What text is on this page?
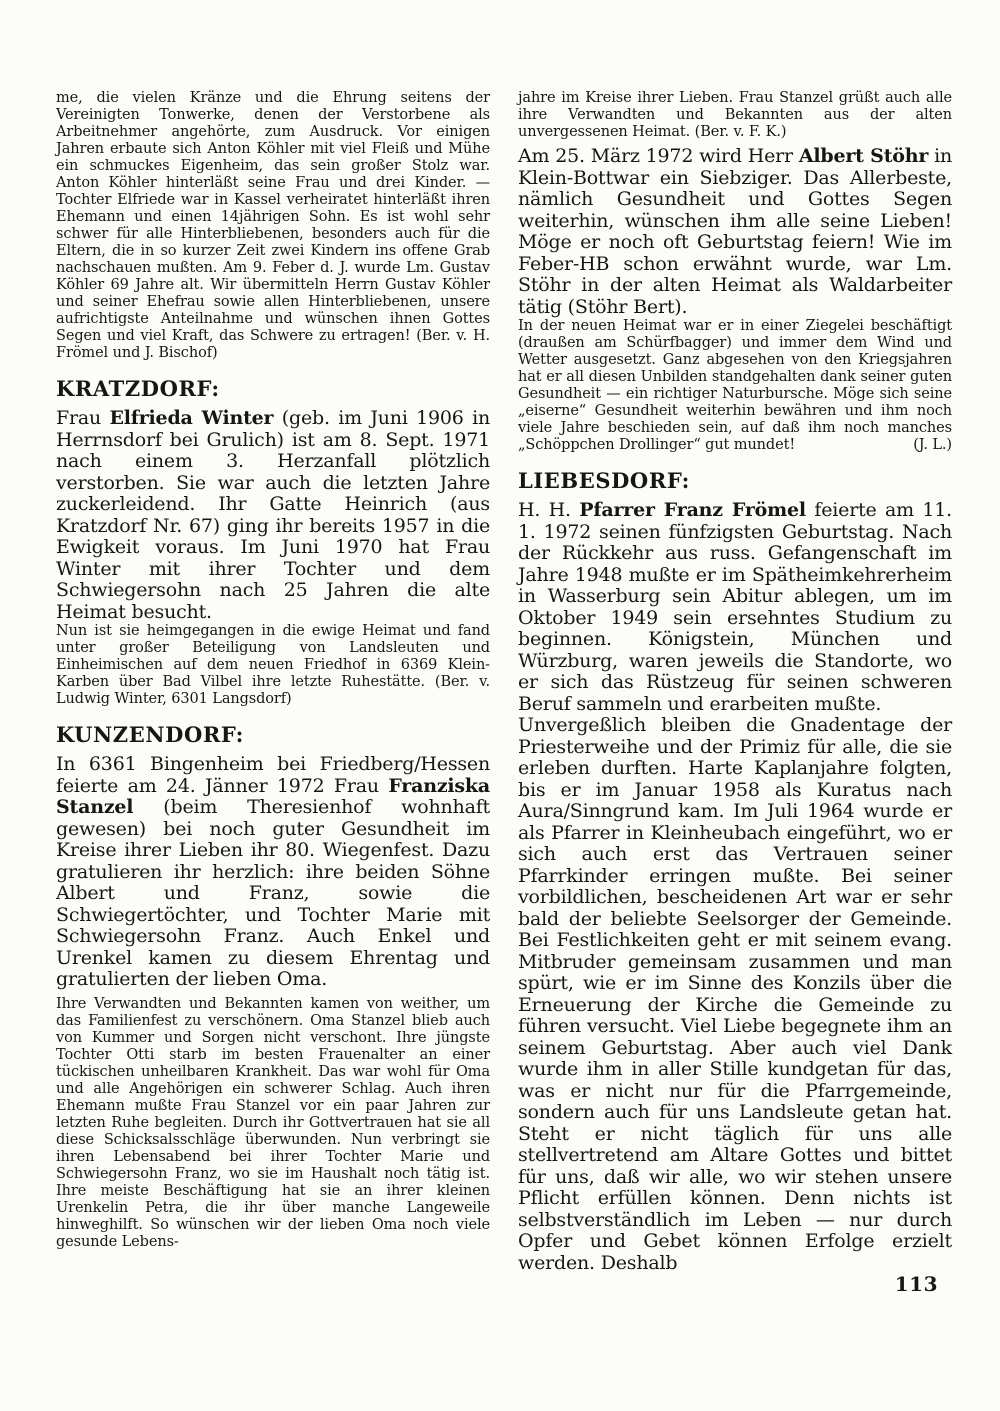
me, die vielen Kränze und die Ehrung seitens der Vereinigten Tonwerke, denen der Verstorbene als Arbeitnehmer angehörte, zum Ausdruck. Vor einigen Jahren erbaute sich Anton Köhler mit viel Fleiß und Mühe ein schmuckes Eigenheim, das sein großer Stolz war. Anton Köhler hinterläßt seine Frau und drei Kinder. — Tochter Elfriede war in Kassel verheiratet hinterläßt ihren Ehemann und einen 14jährigen Sohn. Es ist wohl sehr schwer für alle Hinterbliebenen, besonders auch für die Eltern, die in so kurzer Zeit zwei Kindern ins offene Grab nachschauen mußten. Am 9. Feber d. J. wurde Lm. Gustav Köhler 69 Jahre alt. Wir übermitteln Herrn Gustav Köhler und seiner Ehefrau sowie allen Hinterbliebenen, unsere aufrichtigste Anteilnahme und wünschen ihnen Gottes Segen und viel Kraft, das Schwere zu ertragen! (Ber. v. H. Frömel und J. Bischof)

KRATZDORF:

Frau Elfrieda Winter (geb. im Juni 1906 in Herrnsdorf bei Grulich) ist am 8. Sept. 1971 nach einem 3. Herzanfall plötzlich verstorben. Sie war auch die letzten Jahre zuckerleidend. Ihr Gatte Heinrich (aus Kratzdorf Nr. 67) ging ihr bereits 1957 in die Ewigkeit voraus. Im Juni 1970 hat Frau Winter mit ihrer Tochter und dem Schwiegersohn nach 25 Jahren die alte Heimat besucht.

Nun ist sie heimgegangen in die ewige Heimat und fand unter großer Beteiligung von Landsleuten und Einheimischen auf dem neuen Friedhof in 6369 Klein-Karben über Bad Vilbel ihre letzte Ruhestätte. (Ber. v. Ludwig Winter, 6301 Langsdorf)

KUNZENDORF:

In 6361 Bingenheim bei Friedberg/Hessen feierte am 24. Jänner 1972 Frau Franziska Stanzel (beim Theresienhof wohnhaft gewesen) bei noch guter Gesundheit im Kreise ihrer Lieben ihr 80. Wiegenfest. Dazu gratulieren ihr herzlich: ihre beiden Söhne Albert und Franz, sowie die Schwiegertöchter, und Tochter Marie mit Schwiegersohn Franz. Auch Enkel und Urenkel kamen zu diesem Ehrentag und gratulierten der lieben Oma.

Ihre Verwandten und Bekannten kamen von weither, um das Familienfest zu verschönern. Oma Stanzel blieb auch von Kummer und Sorgen nicht verschont. Ihre jüngste Tochter Otti starb im besten Frauenalter an einer tückischen unheilbaren Krankheit. Das war wohl für Oma und alle Angehörigen ein schwerer Schlag. Auch ihren Ehemann mußte Frau Stanzel vor ein paar Jahren zur letzten Ruhe begleiten. Durch ihr Gottvertrauen hat sie all diese Schicksalsschläge überwunden. Nun verbringt sie ihren Lebensabend bei ihrer Tochter Marie und Schwiegersohn Franz, wo sie im Haushalt noch tätig ist. Ihre meiste Beschäftigung hat sie an ihrer kleinen Urenkelin Petra, die ihr über manche Langeweile hinweghilft. So wünschen wir der lieben Oma noch viele gesunde Lebens-

jahre im Kreise ihrer Lieben. Frau Stanzel grüßt auch alle ihre Verwandten und Bekannten aus der alten unvergessenen Heimat. (Ber. v. F. K.)

Am 25. März 1972 wird Herr Albert Stöhr in Klein-Bottwar ein Siebziger. Das Allerbeste, nämlich Gesundheit und Gottes Segen weiterhin, wünschen ihm alle seine Lieben! Möge er noch oft Geburtstag feiern! Wie im Feber-HB schon erwähnt wurde, war Lm. Stöhr in der alten Heimat als Waldarbeiter tätig (Stöhr Bert).

In der neuen Heimat war er in einer Ziegelei beschäftigt (draußen am Schürfbagger) und immer dem Wind und Wetter ausgesetzt. Ganz abgesehen von den Kriegsjahren hat er all diesen Unbilden standgehalten dank seiner guten Gesundheit — ein richtiger Naturbursche. Möge sich seine „eiserne“ Gesundheit weiterhin bewähren und ihm noch viele Jahre beschieden sein, auf daß ihm noch manches „Schöppchen Drollinger“ gut mundet!	(J. L.)

LIEBESDORF:

H. H. Pfarrer Franz Frömel feierte am 11. 1. 1972 seinen fünfzigsten Geburtstag. Nach der Rückkehr aus russ. Gefangenschaft im Jahre 1948 mußte er im Spätheimkehrerheim in Wasserburg sein Abitur ablegen, um im Oktober 1949 sein ersehntes Studium zu beginnen. Königstein, München und Würzburg, waren jeweils die Standorte, wo er sich das Rüstzeug für seinen schweren Beruf sammeln und erarbeiten mußte.

Unvergeßlich bleiben die Gnadentage der Priesterweihe und der Primiz für alle, die sie erleben durften. Harte Kaplanjahre folgten, bis er im Januar 1958 als Kuratus nach Aura/Sinngrund kam. Im Juli 1964 wurde er als Pfarrer in Kleinheubach eingeführt, wo er sich auch erst das Vertrauen seiner Pfarrkinder erringen mußte. Bei seiner vorbildlichen, bescheidenen Art war er sehr bald der beliebte Seelsorger der Gemeinde. Bei Festlichkeiten geht er mit seinem evang. Mitbruder gemeinsam zusammen und man spürt, wie er im Sinne des Konzils über die Erneuerung der Kirche die Gemeinde zu führen versucht. Viel Liebe begegnete ihm an seinem Geburtstag. Aber auch viel Dank wurde ihm in aller Stille kundgetan für das, was er nicht nur für die Pfarrgemeinde, sondern auch für uns Landsleute getan hat. Steht er nicht täglich für uns alle stellvertretend am Altare Gottes und bittet für uns, daß wir alle, wo wir stehen unsere Pflicht erfüllen können. Denn nichts ist selbstverständlich im Leben — nur durch Opfer und Gebet können Erfolge erzielt werden. Deshalb

113
